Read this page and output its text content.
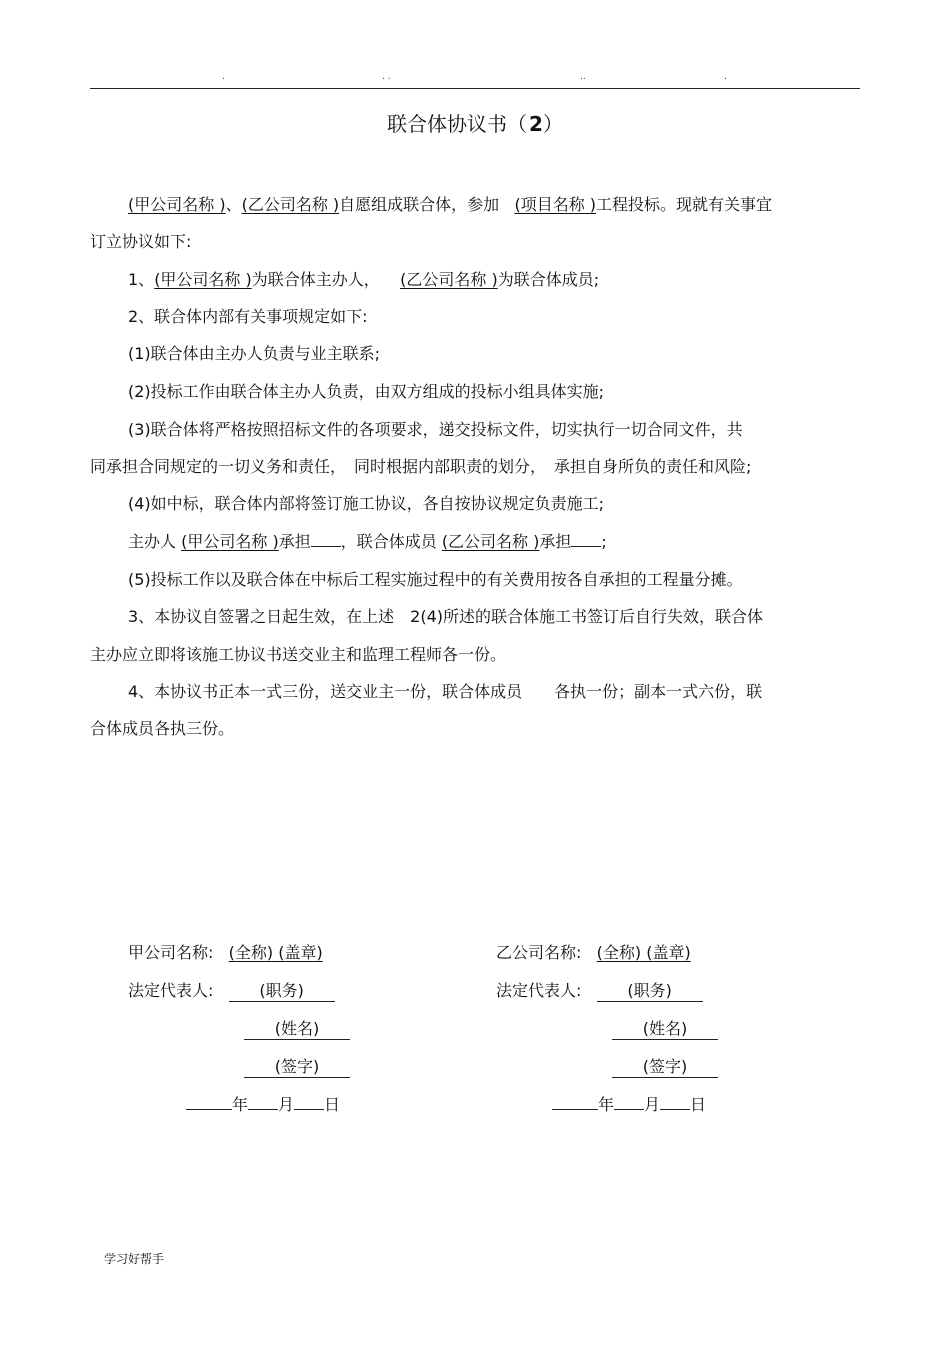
.	. .	..	.
联合体协议书（ 2）
(甲公司名称 )、(乙公司名称 )自愿组成联合体，参加 (项目名称 )工程投标。现就有关事宜
订立协议如下:
1、(甲公司名称 )为联合体主办人， (乙公司名称 )为联合体成员;
2、联合体内部有关事项规定如下:
(1)联合体由主办人负责与业主联系;
(2)投标工作由联合体主办人负责，由双方组成的投标小组具体实施;
(3)联合体将严格按照招标文件的各项要求，递交投标文件，切实执行一切合同文件，共
同承担合同规定的一切义务和责任，　同时根据内部职责的划分，　承担自身所负的责任和风险;
(4)如中标，联合体内部将签订施工协议，各自按协议规定负责施工;
主办人 (甲公司名称 )承担 ，联合体成员 (乙公司名称 )承担 ;
(5)投标工作以及联合体在中标后工程实施过程中的有关费用按各自承担的工程量分摊。
3、本协议自签署之日起生效，在上述　2(4)所述的联合体施工书签订后自行失效，联合体
主办应立即将该施工协议书送交业主和监理工程师各一份。
4、本协议书正本一式三份，送交业主一份，联合体成员　　各执一份；副本一式六份，联
合体成员各执三份。
甲公司名称: (全称) (盖章)
法定代表人:	(职务)
(姓名)
(签字)
年 月 日
乙公司名称: (全称) (盖章)
法定代表人:	(职务)
(姓名)
(签字)
年 月 日
学习好帮手
